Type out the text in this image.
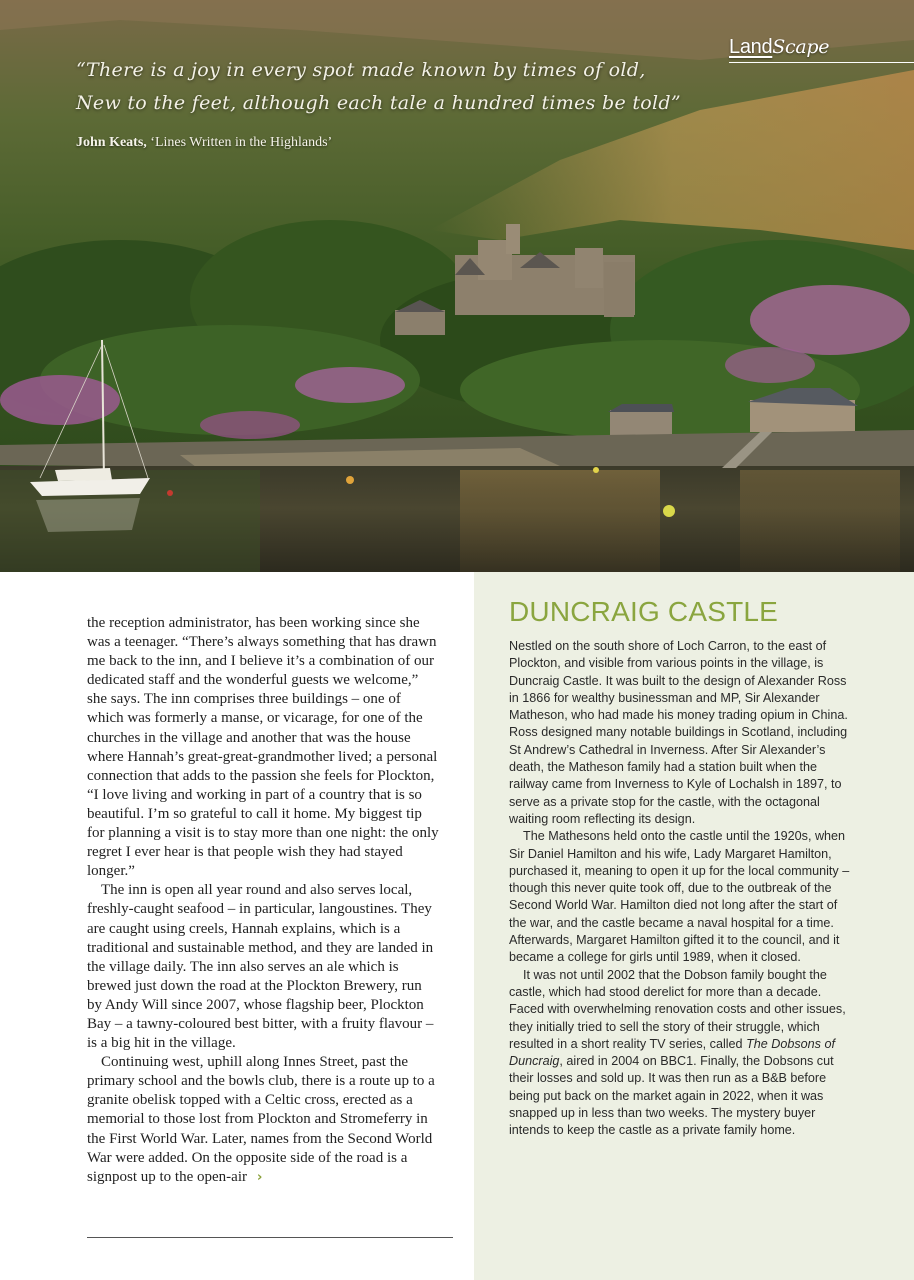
“There is a joy in every spot made known by times of old,
New to the feet, although each tale a hundred times be told”
John Keats, ‘Lines Written in the Highlands’
LandScape

the reception administrator, has been working since she was a teenager. “There’s always something that has drawn me back to the inn, and I believe it’s a combination of our dedicated staff and the wonderful guests we welcome,” she says. The inn comprises three buildings – one of which was formerly a manse, or vicarage, for one of the churches in the village and another that was the house where Hannah’s great-great-grandmother lived; a personal connection that adds to the passion she feels for Plockton, “I love living and working in part of a country that is so beautiful. I’m so grateful to call it home. My biggest tip for planning a visit is to stay more than one night: the only regret I ever hear is that people wish they had stayed longer.”

The inn is open all year round and also serves local, freshly-caught seafood – in particular, langoustines. They are caught using creels, Hannah explains, which is a traditional and sustainable method, and they are landed in the village daily. The inn also serves an ale which is brewed just down the road at the Plockton Brewery, run by Andy Will since 2007, whose flagship beer, Plockton Bay – a tawny-coloured best bitter, with a fruity flavour – is a big hit in the village.

Continuing west, uphill along Innes Street, past the primary school and the bowls club, there is a route up to a granite obelisk topped with a Celtic cross, erected as a memorial to those lost from Plockton and Stromeferry in the First World War. Later, names from the Second World War were added. On the opposite side of the road is a signpost up to the open-air ›

DUNCRAIG CASTLE

Nestled on the south shore of Loch Carron, to the east of Plockton, and visible from various points in the village, is Duncraig Castle. It was built to the design of Alexander Ross in 1866 for wealthy businessman and MP, Sir Alexander Matheson, who had made his money trading opium in China. Ross designed many notable buildings in Scotland, including St Andrew’s Cathedral in Inverness. After Sir Alexander’s death, the Matheson family had a station built when the railway came from Inverness to Kyle of Lochalsh in 1897, to serve as a private stop for the castle, with the octagonal waiting room reflecting its design.

The Mathesons held onto the castle until the 1920s, when Sir Daniel Hamilton and his wife, Lady Margaret Hamilton, purchased it, meaning to open it up for the local community – though this never quite took off, due to the outbreak of the Second World War. Hamilton died not long after the start of the war, and the castle became a naval hospital for a time. Afterwards, Margaret Hamilton gifted it to the council, and it became a college for girls until 1989, when it closed.

It was not until 2002 that the Dobson family bought the castle, which had stood derelict for more than a decade. Faced with overwhelming renovation costs and other issues, they initially tried to sell the story of their struggle, which resulted in a short reality TV series, called The Dobsons of Duncraig, aired in 2004 on BBC1. Finally, the Dobsons cut their losses and sold up. It was then run as a B&B before being put back on the market again in 2022, when it was snapped up in less than two weeks. The mystery buyer intends to keep the castle as a private family home.
